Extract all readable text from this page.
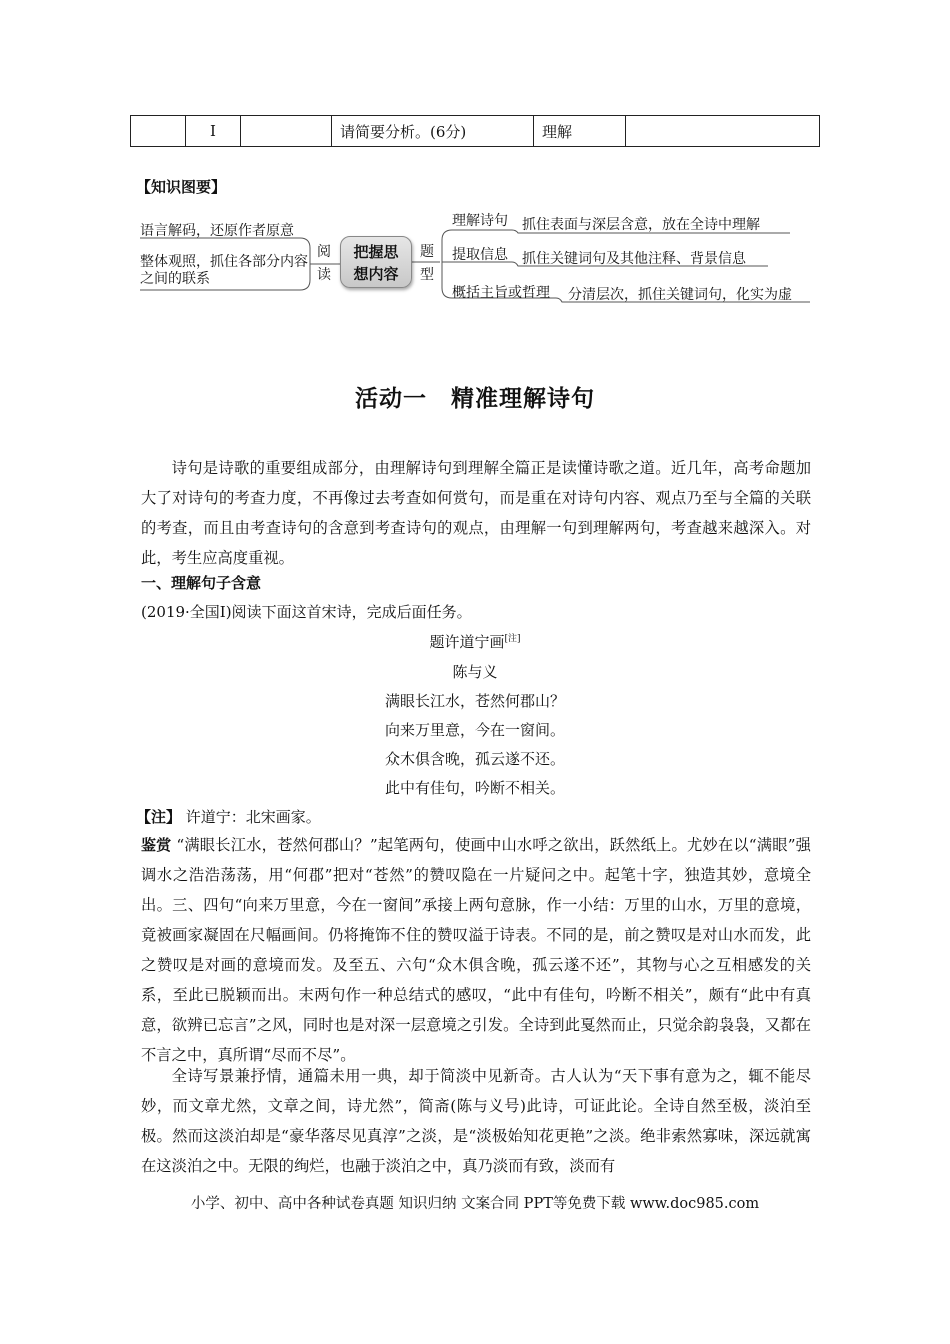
	Ⅰ		请简要分析。(6分)	理解	
【知识图要】
语言解码，还原作者原意
整体观照，抓住各部分内容之间的联系
阅
读
把握思
想内容
题
型
理解诗句 抓住表面与深层含意，放在全诗中理解
提取信息 抓住关键词句及其他注释、背景信息
概括主旨或哲理 分清层次，抓住关键词句，化实为虚
活动一　精准理解诗句
诗句是诗歌的重要组成部分，由理解诗句到理解全篇正是读懂诗歌之道。近几年，高考命题加大了对诗句的考查力度，不再像过去考查如何赏句，而是重在对诗句内容、观点乃至与全篇的关联的考查，而且由考查诗句的含意到考查诗句的观点，由理解一句到理解两句，考查越来越深入。对此，考生应高度重视。
一、理解句子含意
(2019·全国Ⅰ)阅读下面这首宋诗，完成后面任务。
题许道宁画[注]
陈与义
满眼长江水，苍然何郡山？
向来万里意，今在一窗间。
众木俱含晚，孤云遂不还。
此中有佳句，吟断不相关。
【注】 许道宁：北宋画家。
鉴赏 “满眼长江水，苍然何郡山？”起笔两句，使画中山水呼之欲出，跃然纸上。尤妙在以“满眼”强调水之浩浩荡荡，用“何郡”把对“苍然”的赞叹隐在一片疑问之中。起笔十字，独造其妙，意境全出。三、四句“向来万里意，今在一窗间”承接上两句意脉，作一小结：万里的山水，万里的意境，竟被画家凝固在尺幅画间。仍将掩饰不住的赞叹溢于诗表。不同的是，前之赞叹是对山水而发，此之赞叹是对画的意境而发。及至五、六句“众木俱含晚，孤云遂不还”，其物与心之互相感发的关系，至此已脱颖而出。末两句作一种总结式的感叹，“此中有佳句，吟断不相关”，颇有“此中有真意，欲辨已忘言”之风，同时也是对深一层意境之引发。全诗到此戛然而止，只觉余韵袅袅，又都在不言之中，真所谓“尽而不尽”。
全诗写景兼抒情，通篇未用一典，却于简淡中见新奇。古人认为“天下事有意为之，辄不能尽妙，而文章尤然，文章之间，诗尤然”，简斋(陈与义号)此诗，可证此论。全诗自然至极，淡泊至极。然而这淡泊却是“豪华落尽见真淳”之淡，是“淡极始知花更艳”之淡。绝非索然寡味，深远就寓在这淡泊之中。无限的绚烂，也融于淡泊之中，真乃淡而有致，淡而有
小学、初中、高中各种试卷真题 知识归纳 文案合同 PPT等免费下载 www.doc985.com
